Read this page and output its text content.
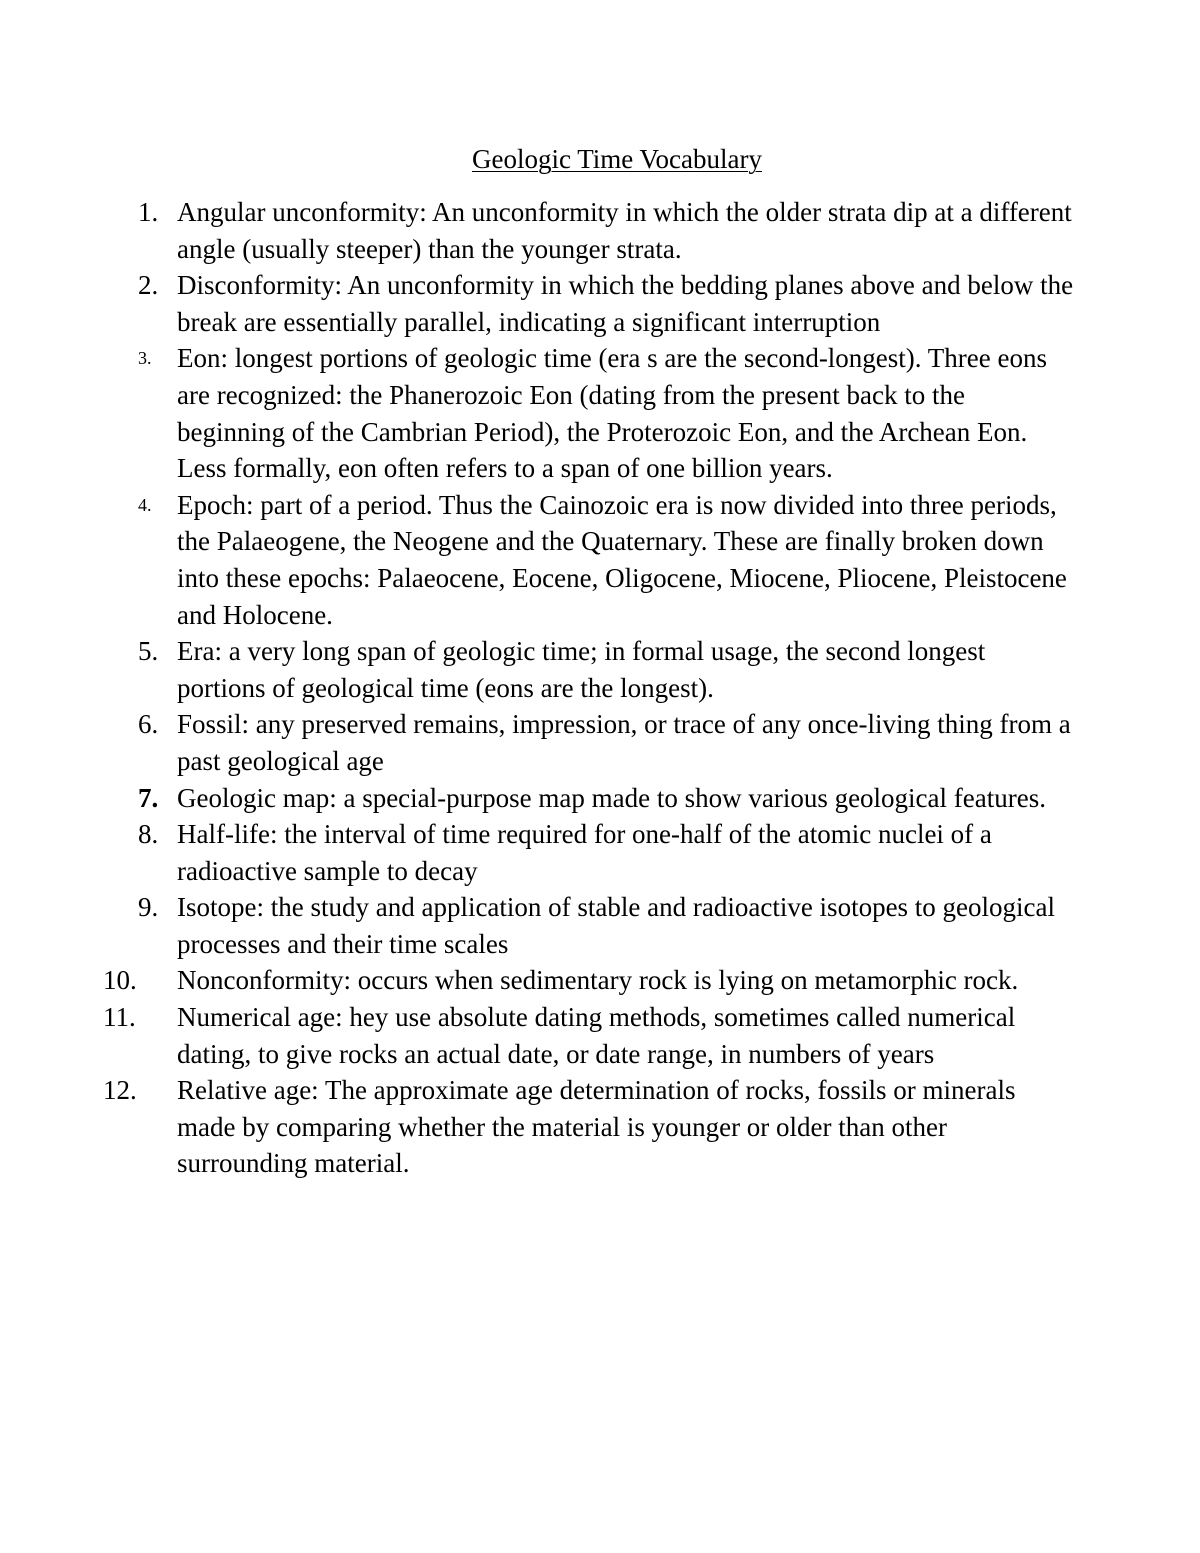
Geologic Time Vocabulary
1. Angular unconformity: An unconformity in which the older strata dip at a different angle (usually steeper) than the younger strata.
2. Disconformity: An unconformity in which the bedding planes above and below the break are essentially parallel, indicating a significant interruption
3. Eon: longest portions of geologic time (era s are the second-longest). Three eons are recognized: the Phanerozoic Eon (dating from the present back to the beginning of the Cambrian Period), the Proterozoic Eon, and the Archean Eon. Less formally, eon often refers to a span of one billion years.
4. Epoch: part of a period. Thus the Cainozoic era is now divided into three periods, the Palaeogene, the Neogene and the Quaternary. These are finally broken down into these epochs: Palaeocene, Eocene, Oligocene, Miocene, Pliocene, Pleistocene and Holocene.
5. Era: a very long span of geologic time; in formal usage, the second longest portions of geological time (eons are the longest).
6. Fossil: any preserved remains, impression, or trace of any once-living thing from a past geological age
7. Geologic map: a special-purpose map made to show various geological features.
8. Half-life: the interval of time required for one-half of the atomic nuclei of a radioactive sample to decay
9. Isotope: the study and application of stable and radioactive isotopes to geological processes and their time scales
10.	Nonconformity: occurs when sedimentary rock is lying on metamorphic rock.
11.	Numerical age: hey use absolute dating methods, sometimes called numerical dating, to give rocks an actual date, or date range, in numbers of years
12.	Relative age: The approximate age determination of rocks, fossils or minerals made by comparing whether the material is younger or older than other surrounding material.
